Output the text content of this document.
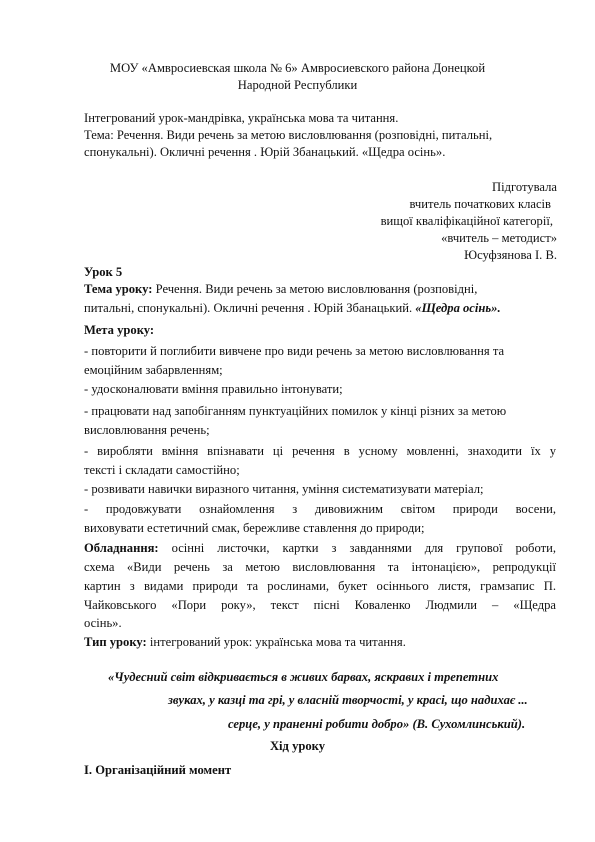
МОУ «Амвросиевская школа № 6» Амвросиевского района Донецкой
Народной Республики
Інтегрований урок-мандрівка, українська мова та читання.
Тема: Речення. Види речень за метою висловлювання (розповідні, питальні,
спонукальні). Окличні речення . Юрій Збанацький. «Щедра осінь».
Підготувала
вчитель початкових класів
вищої кваліфікаційної категорії,
«вчитель – методист»
Юсуфзянова І. В.
Урок 5
Тема уроку: Речення. Види речень за метою висловлювання (розповідні,
питальні, спонукальні). Окличні речення . Юрій Збанацький. «Щедра осінь».
Мета уроку:
- повторити й поглибити вивчене про види речень за метою висловлювання та
емоційним забарвленням;
- удосконалювати вміння правильно інтонувати;
- працювати над запобіганням пунктуаційних помилок у кінці різних за метою
висловлювання речень;
- виробляти вміння впізнавати ці речення в усному мовленні, знаходити їх у
тексті і складати самостійно;
- розвивати навички виразного читання, уміння систематизувати матеріал;
- продовжувати ознайомлення з дивовижним світом природи восени,
виховувати естетичний смак, бережливе ставлення до природи;
Обладнання: осінні листочки, картки з завданнями для групової роботи,
схема «Види речень за метою висловлювання та інтонацією», репродукції
картин з видами природи та рослинами, букет осіннього листя, грамзапис П.
Чайковського «Пори року», текст пісні Коваленко Людмили – «Щедра
осінь».
Тип уроку: інтегрований урок: українська мова та читання.
«Чудесний світ відкривається в живих барвах, яскравих і трепетних
звуках, у казці та грі, у власній творчості, у красі, що надихає ...
серце, у праненні робити добро» (В. Сухомлинський).
Хід уроку
І. Організаційний момент
